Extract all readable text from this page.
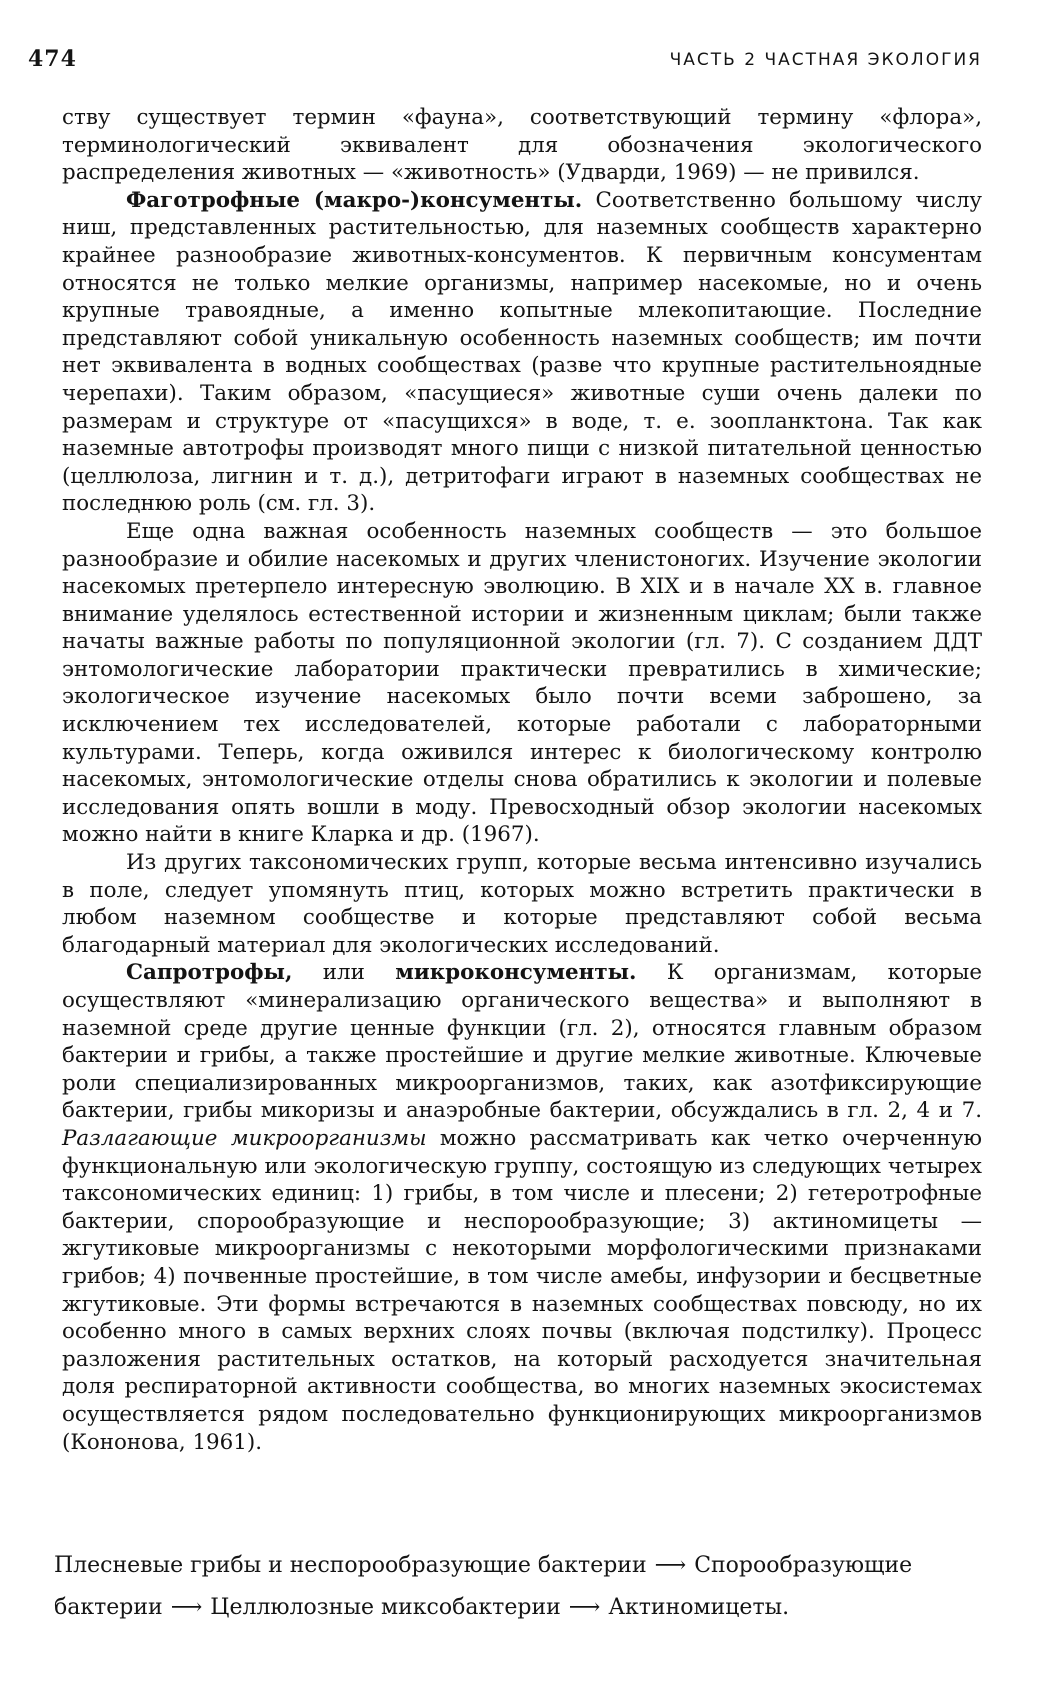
474	ЧАСТЬ 2 ЧАСТНАЯ ЭКОЛОГИЯ

ству существует термин «фауна», соответствующий термину «флора», терминологический эквивалент для обозначения экологического распределения животных — «животность» (Удварди, 1969) — не привился.

Фаготрофные (макро-)консументы. Соответственно большому числу ниш, представленных растительностью, для наземных сообществ характерно крайнее разнообразие животных-консументов. К первичным консументам относятся не только мелкие организмы, например насекомые, но и очень крупные травоядные, а именно копытные млекопитающие. Последние представляют собой уникальную особенность наземных сообществ; им почти нет эквивалента в водных сообществах (разве что крупные растительноядные черепахи). Таким образом, «пасущиеся» животные суши очень далеки по размерам и структуре от «пасущихся» в воде, т. е. зоопланктона. Так как наземные автотрофы производят много пищи с низкой питательной ценностью (целлюлоза, лигнин и т. д.), детритофаги играют в наземных сообществах не последнюю роль (см. гл. 3).

Еще одна важная особенность наземных сообществ — это большое разнообразие и обилие насекомых и других членистоногих. Изучение экологии насекомых претерпело интересную эволюцию. В XIX и в начале XX в. главное внимание уделялось естественной истории и жизненным циклам; были также начаты важные работы по популяционной экологии (гл. 7). С созданием ДДТ энтомологические лаборатории практически превратились в химические; экологическое изучение насекомых было почти всеми заброшено, за исключением тех исследователей, которые работали с лабораторными культурами. Теперь, когда оживился интерес к биологическому контролю насекомых, энтомологические отделы снова обратились к экологии и полевые исследования опять вошли в моду. Превосходный обзор экологии насекомых можно найти в книге Кларка и др. (1967).

Из других таксономических групп, которые весьма интенсивно изучались в поле, следует упомянуть птиц, которых можно встретить практически в любом наземном сообществе и которые представляют собой весьма благодарный материал для экологических исследований.

Сапротрофы, или микроконсументы. К организмам, которые осуществляют «минерализацию органического вещества» и выполняют в наземной среде другие ценные функции (гл. 2), относятся главным образом бактерии и грибы, а также простейшие и другие мелкие животные. Ключевые роли специализированных микроорганизмов, таких, как азотфиксирующие бактерии, грибы микоризы и анаэробные бактерии, обсуждались в гл. 2, 4 и 7. Разлагающие микроорганизмы можно рассматривать как четко очерченную функциональную или экологическую группу, состоящую из следующих четырех таксономических единиц: 1) грибы, в том числе и плесени; 2) гетеротрофные бактерии, спорообразующие и неспорообразующие; 3) актиномицеты — жгутиковые микроорганизмы с некоторыми морфологическими признаками грибов; 4) почвенные простейшие, в том числе амебы, инфузории и бесцветные жгутиковые. Эти формы встречаются в наземных сообществах повсюду, но их особенно много в самых верхних слоях почвы (включая подстилку). Процесс разложения растительных остатков, на который расходуется значительная доля респираторной активности сообщества, во многих наземных экосистемах осуществляется рядом последовательно функционирующих микроорганизмов (Кононова, 1961).

Плесневые грибы и неспорообразующие бактерии ⟶ Спорообразующие
бактерии ⟶ Целлюлозные миксобактерии ⟶ Актиномицеты.
